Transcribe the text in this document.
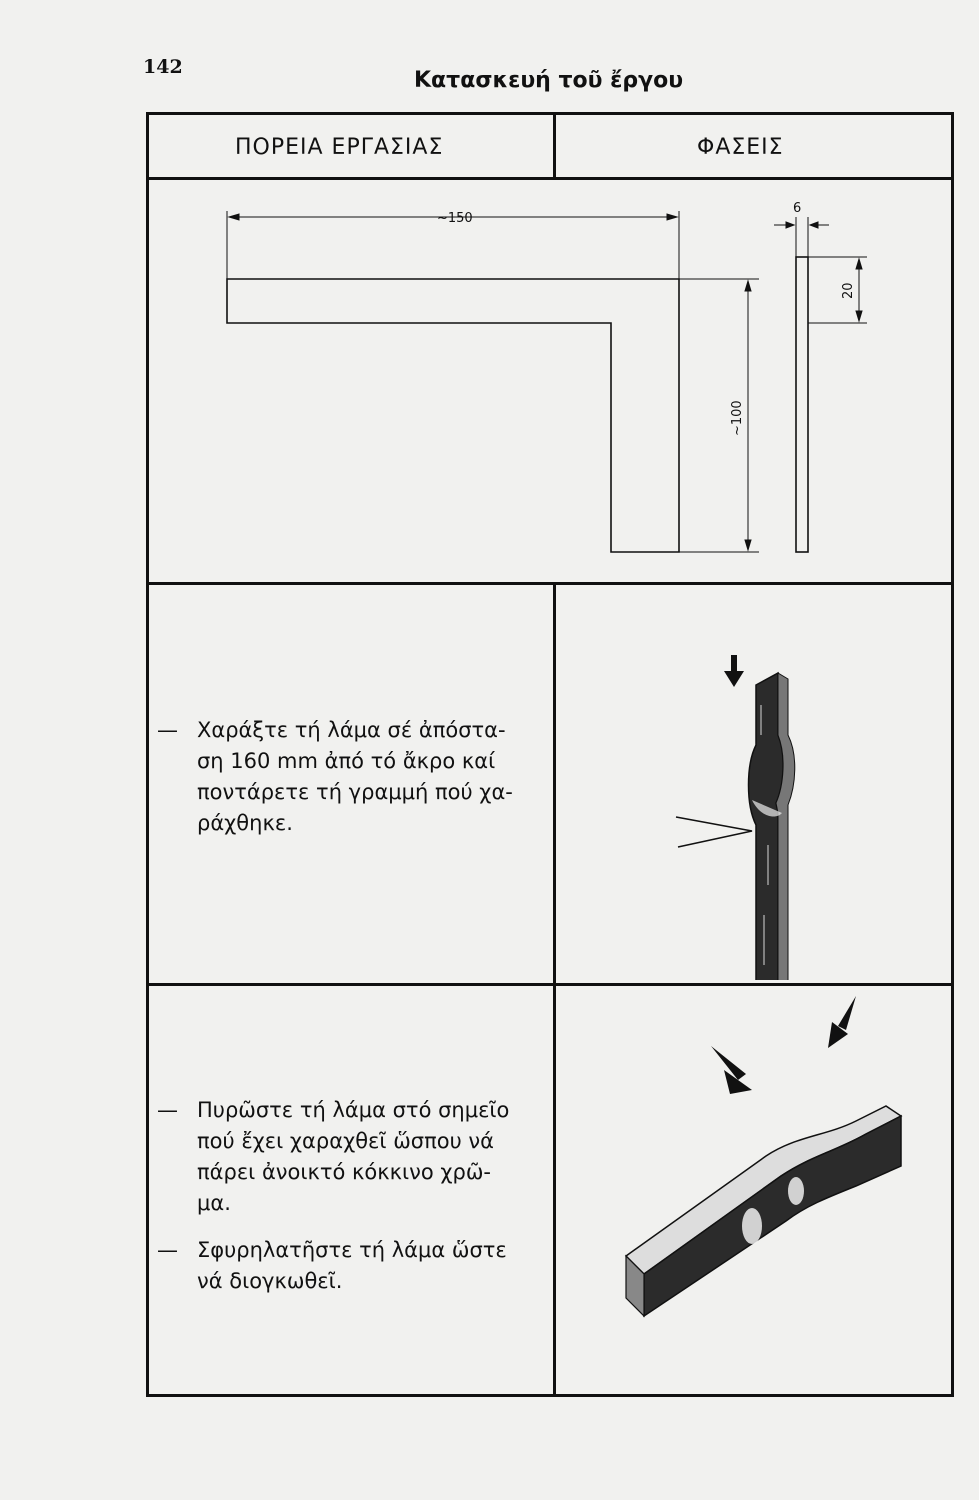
142
Κατασκευή τοῦ ἔργου
ΠΟΡΕΙΑ ΕΡΓΑΣΙΑΣ	ΦΑΣΕΙΣ
~150
6
20
~100
— Χαράξτε τή λάμα σέ ἀπόστα-
ση 160 mm ἀπό τό ἄκρο καί
ποντάρετε τή γραμμή πού χα-
ράχθηκε.
— Πυρῶστε τή λάμα στό σημεῖο
πού ἔχει χαραχθεῖ ὥσπου νά
πάρει ἀνοικτό κόκκινο χρῶ-
μα.
— Σφυρηλατῆστε τή λάμα ὥστε
νά διογκωθεῖ.
